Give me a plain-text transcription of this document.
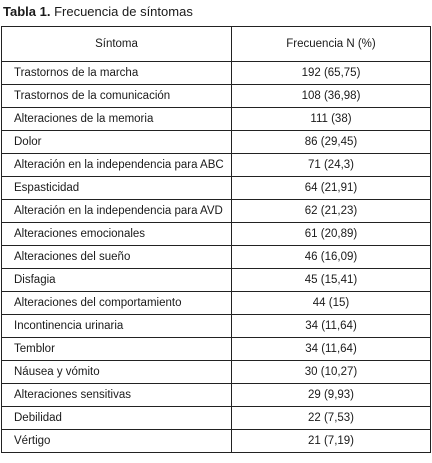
Tabla 1. Frecuencia de síntomas
Síntoma	Frecuencia N (%)
Trastornos de la marcha	192 (65,75)
Trastornos de la comunicación	108 (36,98)
Alteraciones de la memoria	111 (38)
Dolor	86 (29,45)
Alteración en la independencia para ABC	71 (24,3)
Espasticidad	64 (21,91)
Alteración en la independencia para AVD	62 (21,23)
Alteraciones emocionales	61 (20,89)
Alteraciones del sueño	46 (16,09)
Disfagia	45 (15,41)
Alteraciones del comportamiento	44 (15)
Incontinencia urinaria	34 (11,64)
Temblor	34 (11,64)
Náusea y vómito	30 (10,27)
Alteraciones sensitivas	29 (9,93)
Debilidad	22 (7,53)
Vértigo	21 (7,19)
